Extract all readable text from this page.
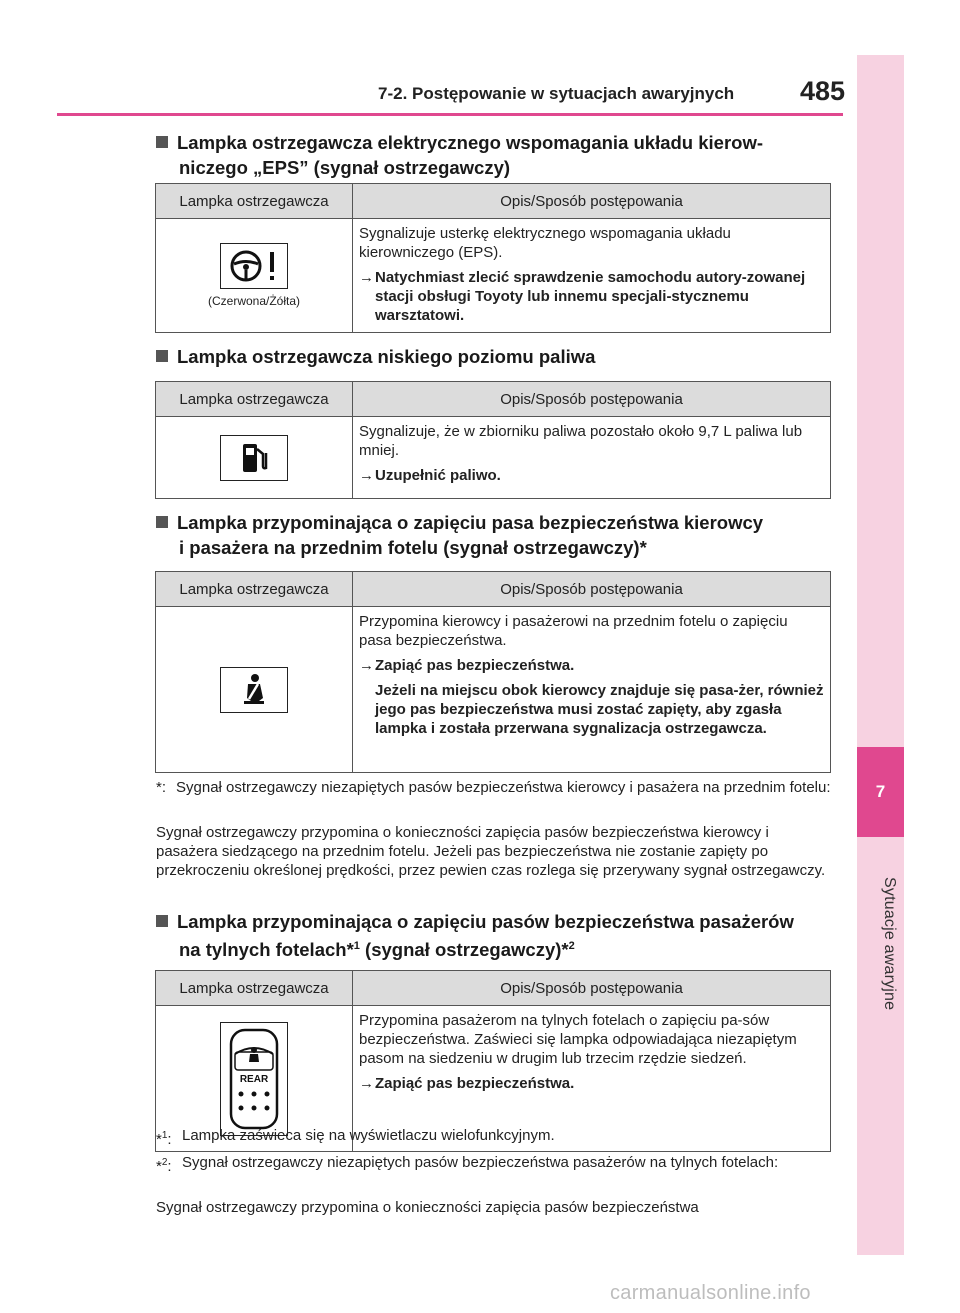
7
Sytuacje awaryjne
7-2. Postępowanie w sytuacjach awaryjnych 485
Lampka ostrzegawcza elektrycznego wspomagania układu kierow-
niczego „EPS” (sygnał ostrzegawczy)
Lampka ostrzegawcza	Opis/Sposób postępowania

(Czerwona/Żółta)	Sygnalizuje usterkę elektrycznego wspomagania układu kierowniczego (EPS).
→ Natychmiast zlecić sprawdzenie samochodu autory-zowanej stacji obsługi Toyoty lub innemu specjali-stycznemu warsztatowi.
Lampka ostrzegawcza niskiego poziomu paliwa
Lampka ostrzegawcza	Opis/Sposób postępowania

Sygnalizuje, że w zbiorniku paliwa pozostało około 9,7 L paliwa lub mniej.
→ Uzupełnić paliwo.
Lampka przypominająca o zapięciu pasa bezpieczeństwa kierowcy
i pasażera na przednim fotelu (sygnał ostrzegawczy)*
Lampka ostrzegawcza	Opis/Sposób postępowania

Przypomina kierowcy i pasażerowi na przednim fotelu o zapięciu pasa bezpieczeństwa.
→ Zapiąć pas bezpieczeństwa.
Jeżeli na miejscu obok kierowcy znajduje się pasa-żer, również jego pas bezpieczeństwa musi zostać zapięty, aby zgasła lampka i została przerwana sygnalizacja ostrzegawcza.
*: Sygnał ostrzegawczy niezapiętych pasów bezpieczeństwa kierowcy i pasażera na przednim fotelu:
Sygnał ostrzegawczy przypomina o konieczności zapięcia pasów bezpieczeństwa kierowcy i pasażera siedzącego na przednim fotelu. Jeżeli pas bezpieczeństwa nie zostanie zapięty po przekroczeniu określonej prędkości, przez pewien czas rozlega się przerywany sygnał ostrzegawczy.
Lampka przypominająca o zapięciu pasów bezpieczeństwa pasażerów
na tylnych fotelach*$^1$ (sygnał ostrzegawczy)*$^2$
Lampka ostrzegawcza	Opis/Sposób postępowania

REAR	Przypomina pasażerom na tylnych fotelach o zapięciu pa-sów bezpieczeństwa. Zaświeci się lampka odpowiadająca niezapiętym pasom na siedzeniu w drugim lub trzecim rzędzie siedzeń.
→ Zapiąć pas bezpieczeństwa.
*$^1$: Lampka zaświeca się na wyświetlaczu wielofunkcyjnym.
*$^2$: Sygnał ostrzegawczy niezapiętych pasów bezpieczeństwa pasażerów na tylnych fotelach:
Sygnał ostrzegawczy przypomina o konieczności zapięcia pasów bezpieczeństwa
carmanualsonline.info
